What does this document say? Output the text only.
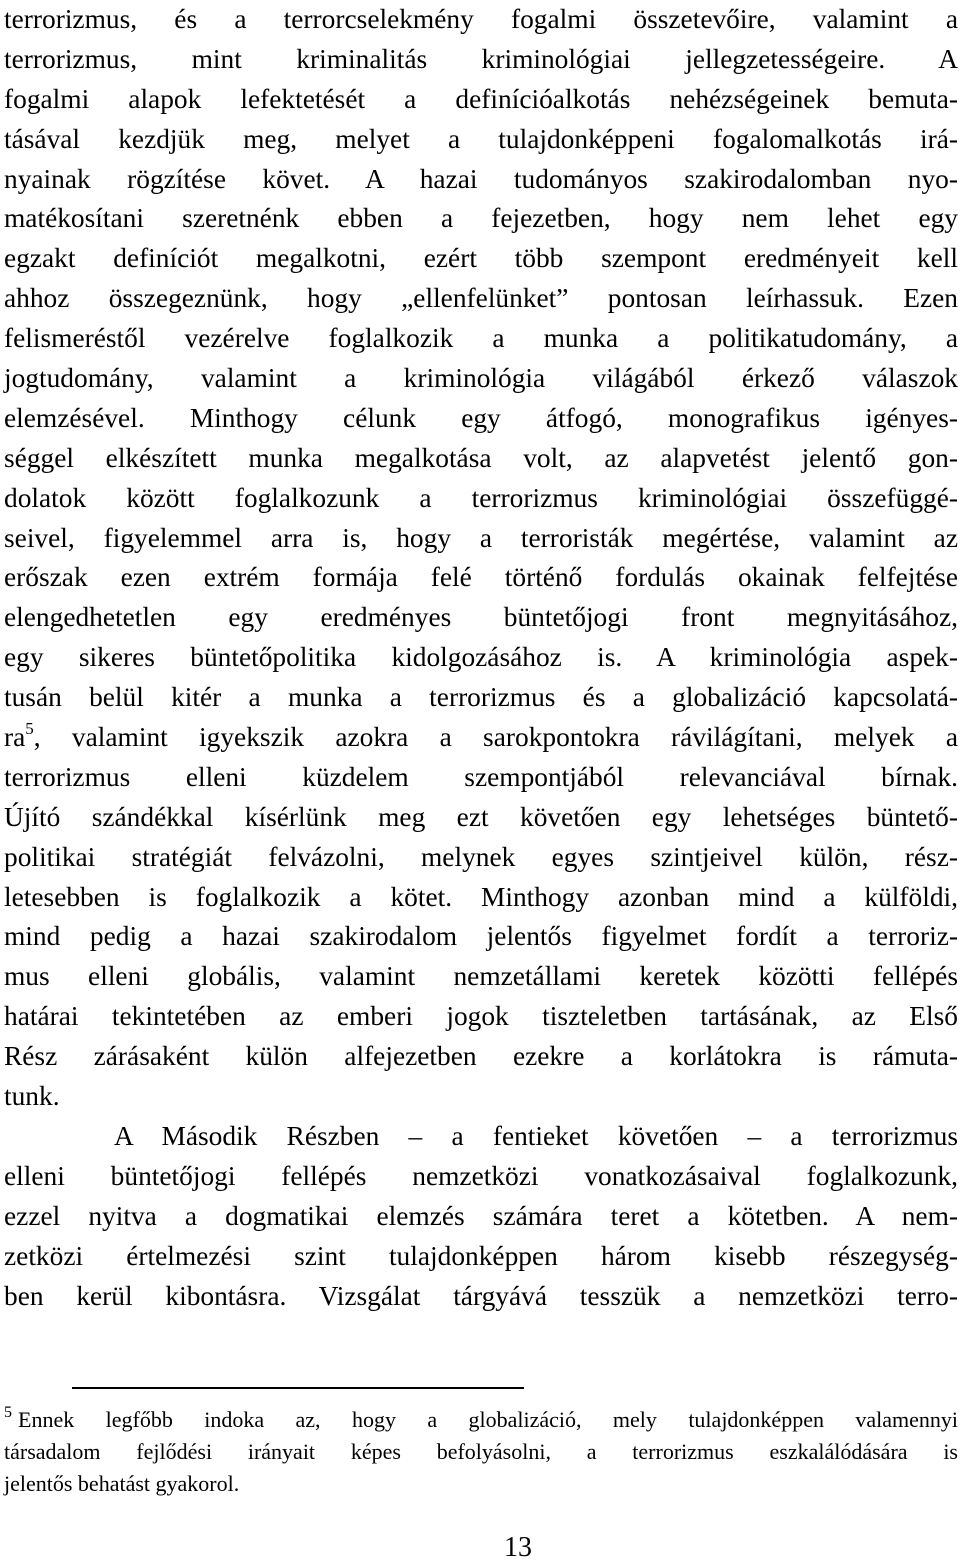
terrorizmus, és a terrorcselekmény fogalmi összetevőire, valamint a
terrorizmus, mint kriminalitás kriminológiai jellegzetességeire. A
fogalmi alapok lefektetését a definícióalkotás nehézségeinek bemuta-
tásával kezdjük meg, melyet a tulajdonképpeni fogalomalkotás irá-
nyainak rögzítése követ. A hazai tudományos szakirodalomban nyo-
matékosítani szeretnénk ebben a fejezetben, hogy nem lehet egy
egzakt definíciót megalkotni, ezért több szempont eredményeit kell
ahhoz összegeznünk, hogy „ellenfelünket” pontosan leírhassuk. Ezen
felismeréstől vezérelve foglalkozik a munka a politikatudomány, a
jogtudomány, valamint a kriminológia világából érkező válaszok
elemzésével. Minthogy célunk egy átfogó, monografikus igényes-
séggel elkészített munka megalkotása volt, az alapvetést jelentő gon-
dolatok között foglalkozunk a terrorizmus kriminológiai összefüggé-
seivel, figyelemmel arra is, hogy a terroristák megértése, valamint az
erőszak ezen extrém formája felé történő fordulás okainak felfejtése
elengedhetetlen egy eredményes büntetőjogi front megnyitásához,
egy sikeres büntetőpolitika kidolgozásához is. A kriminológia aspek-
tusán belül kitér a munka a terrorizmus és a globalizáció kapcsolatá-
$ra^5$, valamint igyekszik azokra a sarokpontokra rávilágítani, melyek a
terrorizmus elleni küzdelem szempontjából relevanciával bírnak.
Újító szándékkal kísérlünk meg ezt követően egy lehetséges büntető-
politikai stratégiát felvázolni, melynek egyes szintjeivel külön, rész-
letesebben is foglalkozik a kötet. Minthogy azonban mind a külföldi,
mind pedig a hazai szakirodalom jelentős figyelmet fordít a terroriz-
mus elleni globális, valamint nemzetállami keretek közötti fellépés
határai tekintetében az emberi jogok tiszteletben tartásának, az Első
Rész zárásaként külön alfejezetben ezekre a korlátokra is rámuta-
tunk.
A Második Részben – a fentieket követően – a terrorizmus
elleni büntetőjogi fellépés nemzetközi vonatkozásaival foglalkozunk,
ezzel nyitva a dogmatikai elemzés számára teret a kötetben. A nem-
zetközi értelmezési szint tulajdonképpen három kisebb részegység-
ben kerül kibontásra. Vizsgálat tárgyává tesszük a nemzetközi terro-
$^5$ Ennek legfőbb indoka az, hogy a globalizáció, mely tulajdonképpen valamennyi
társadalom fejlődési irányait képes befolyásolni, a terrorizmus eszkalálódására is
jelentős behatást gyakorol.
13
